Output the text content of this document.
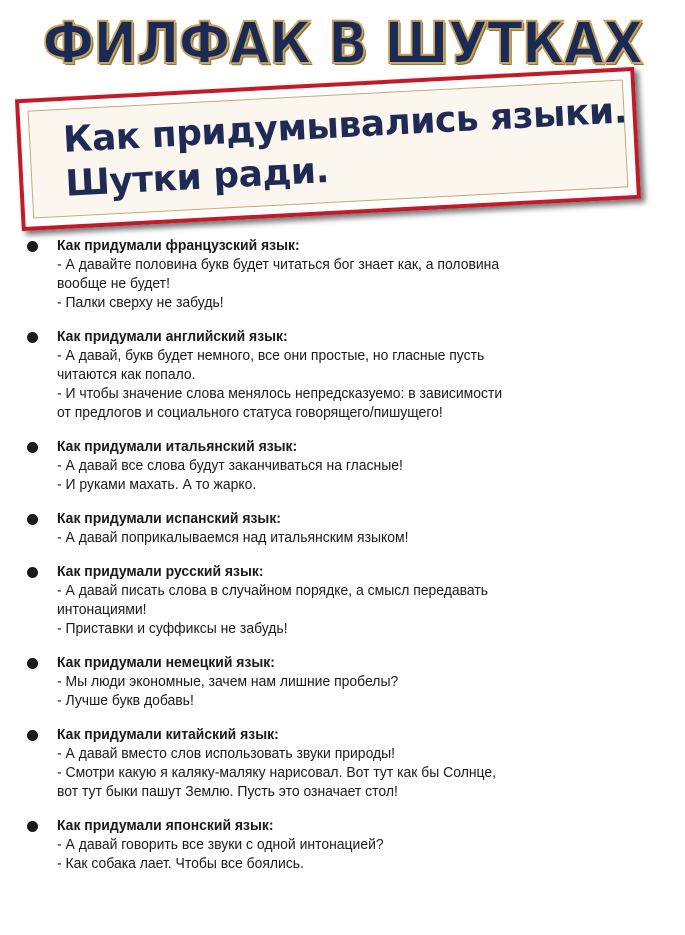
ФИЛФАК В ШУТКАХ
Как придумывались языки.
Шутки ради.
Как придумали французский язык:
- А давайте половина букв будет читаться бог знает как, а половина
вообще не будет!
- Палки сверху не забудь!
Как придумали английский язык:
- А давай, букв будет немного, все они простые, но гласные пусть
читаются как попало.
- И чтобы значение слова менялось непредсказуемо: в зависимости
от предлогов и социального статуса говорящего/пишущего!
Как придумали итальянский язык:
- А давай все слова будут заканчиваться на гласные!
- И руками махать. А то жарко.
Как придумали испанский язык:
- А давай поприкалываемся над итальянским языком!
Как придумали русский язык:
- А давай писать слова в случайном порядке, а смысл передавать
интонациями!
- Приставки и суффиксы не забудь!
Как придумали немецкий язык:
- Мы люди экономные, зачем нам лишние пробелы?
- Лучше букв добавь!
Как придумали китайский язык:
- А давай вместо слов использовать звуки природы!
- Смотри какую я каляку-маляку нарисовал. Вот тут как бы Солнце,
вот тут быки пашут Землю. Пусть это означает стол!
Как придумали японский язык:
- А давай говорить все звуки с одной интонацией?
- Как собака лает. Чтобы все боялись.
